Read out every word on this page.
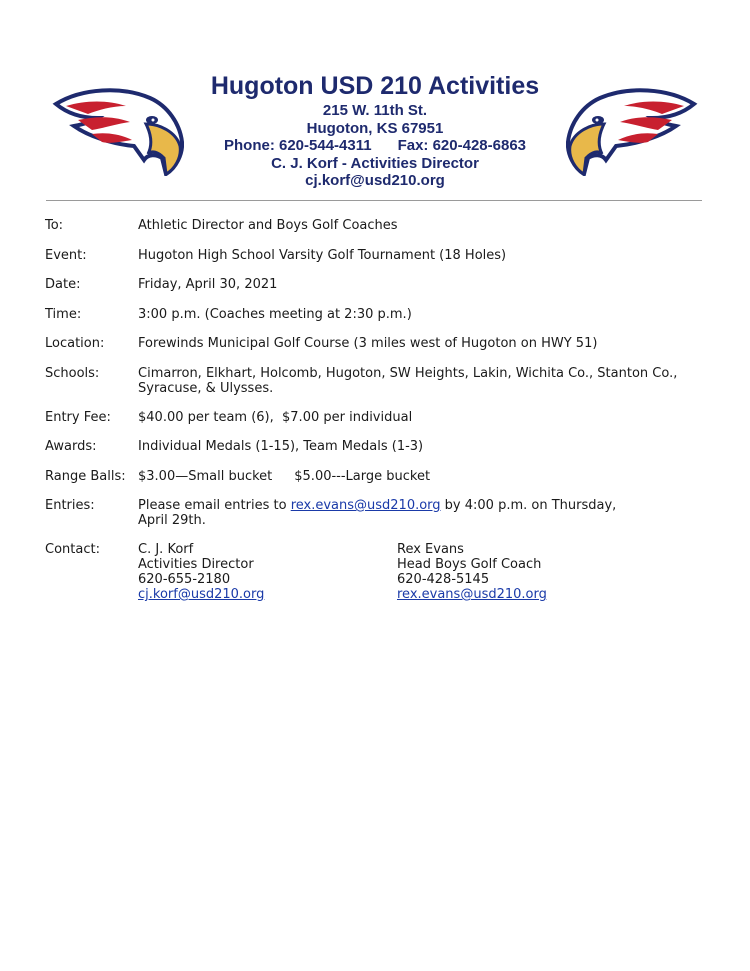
Hugoton USD 210 Activities
215 W. 11th St.
Hugoton, KS 67951
Phone: 620-544-4311 Fax: 620-428-6863
C. J. Korf - Activities Director
cj.korf@usd210.org
To:	Athletic Director and Boys Golf Coaches
Event:	Hugoton High School Varsity Golf Tournament (18 Holes)
Date:	Friday, April 30, 2021
Time:	3:00 p.m. (Coaches meeting at 2:30 p.m.)
Location:	Forewinds Municipal Golf Course (3 miles west of Hugoton on HWY 51)
Schools:	Cimarron, Elkhart, Holcomb, Hugoton, SW Heights, Lakin, Wichita Co., Stanton Co.,
Syracuse, & Ulysses.
Entry Fee:	$40.00 per team (6),  $7.00 per individual
Awards:	Individual Medals (1-15), Team Medals (1-3)
Range Balls: $3.00—Small bucket $5.00---Large bucket
Entries:	Please email entries to rex.evans@usd210.org by 4:00 p.m. on Thursday,
April 29th.
Contact:	C. J. Korf
Activities Director
620-655-2180
cj.korf@usd210.org
Rex Evans
Head Boys Golf Coach
620-428-5145
rex.evans@usd210.org
